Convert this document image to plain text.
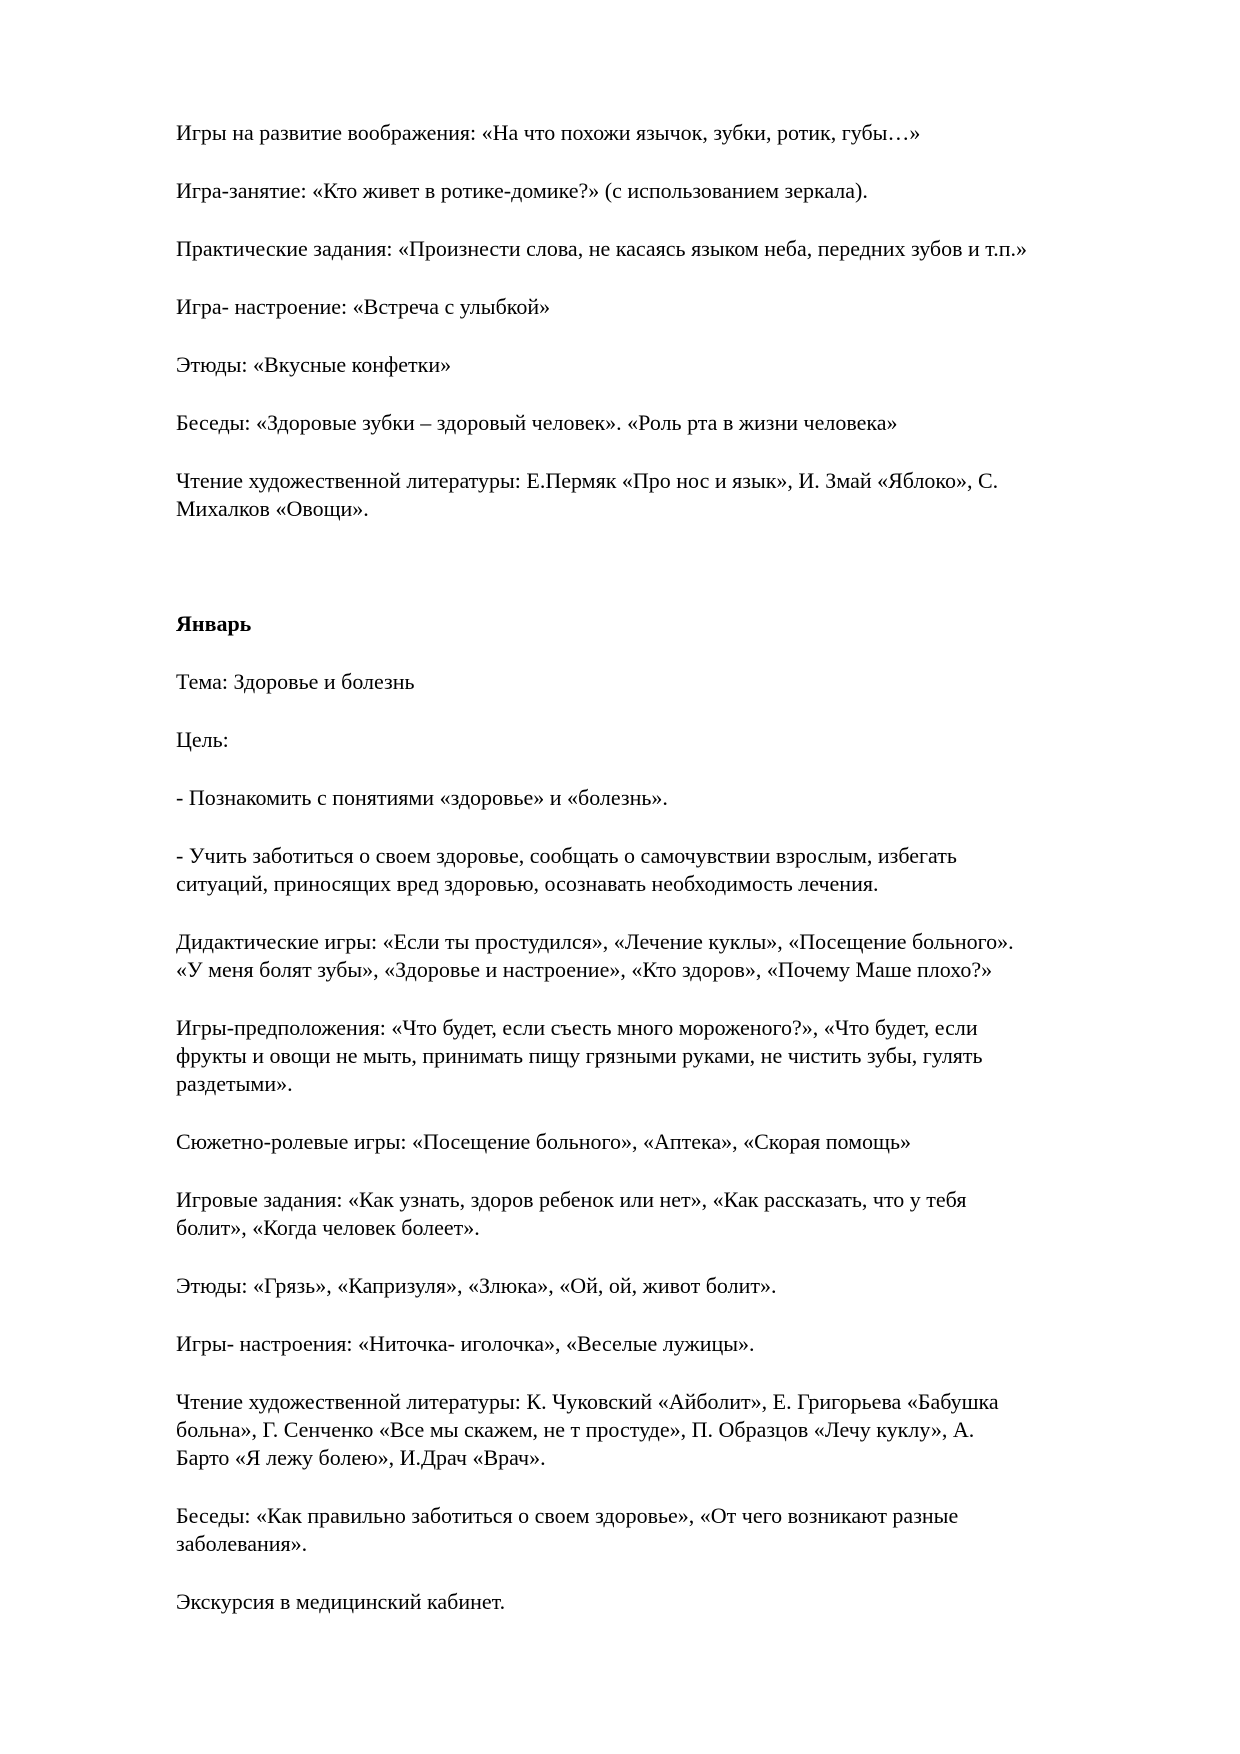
Игры на развитие воображения: «На что похожи язычок, зубки, ротик, губы…»

Игра-занятие: «Кто живет в ротике-домике?» (с использованием зеркала).

Практические задания: «Произнести слова, не касаясь языком неба, передних зубов и т.п.»

Игра- настроение: «Встреча с улыбкой»

Этюды: «Вкусные конфетки»

Беседы: «Здоровые зубки – здоровый человек». «Роль рта в жизни человека»

Чтение художественной литературы: Е.Пермяк «Про нос и язык», И. Змай «Яблоко», С.
Михалков «Овощи».

Январь

Тема: Здоровье и болезнь

Цель:

- Познакомить с понятиями «здоровье» и «болезнь».

- Учить заботиться о своем здоровье, сообщать о самочувствии взрослым, избегать
ситуаций, приносящих вред здоровью, осознавать необходимость лечения.

Дидактические игры: «Если ты простудился», «Лечение куклы», «Посещение больного».
«У меня болят зубы», «Здоровье и настроение», «Кто здоров», «Почему Маше плохо?»

Игры-предположения: «Что будет, если съесть много мороженого?», «Что будет, если
фрукты и овощи не мыть, принимать пищу грязными руками, не чистить зубы, гулять
раздетыми».

Сюжетно-ролевые игры: «Посещение больного», «Аптека», «Скорая помощь»

Игровые задания: «Как узнать, здоров ребенок или нет», «Как рассказать, что у тебя
болит», «Когда человек болеет».

Этюды: «Грязь», «Капризуля», «Злюка», «Ой, ой, живот болит».

Игры- настроения: «Ниточка- иголочка», «Веселые лужицы».

Чтение художественной литературы: К. Чуковский «Айболит», Е. Григорьева «Бабушка
больна», Г. Сенченко «Все мы скажем, не т простуде», П. Образцов «Лечу куклу», А.
Барто «Я лежу болею», И.Драч «Врач».

Беседы: «Как правильно заботиться о своем здоровье», «От чего возникают разные
заболевания».

Экскурсия в медицинский кабинет.
